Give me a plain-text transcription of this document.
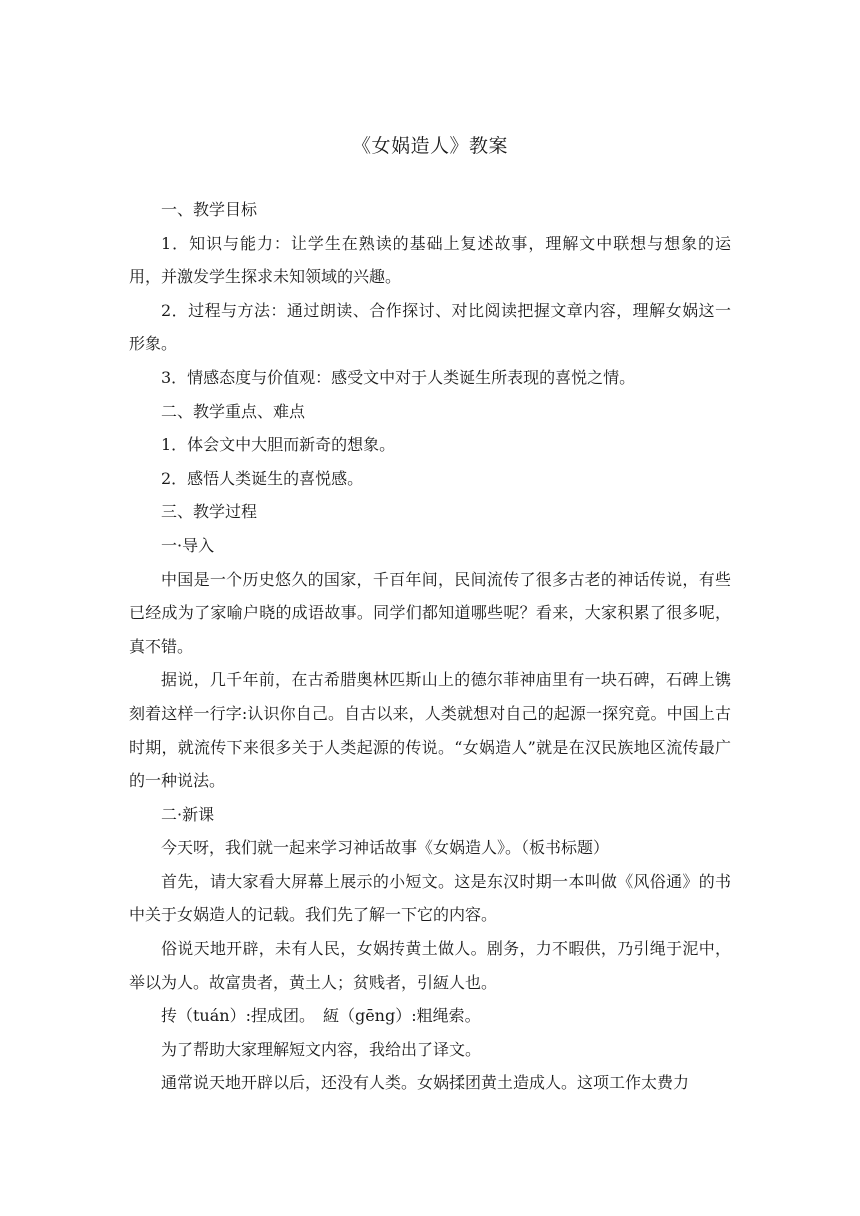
《女娲造人》教案

一、教学目标

1．知识与能力：让学生在熟读的基础上复述故事，理解文中联想与想象的运用，并激发学生探求未知领域的兴趣。

2．过程与方法：通过朗读、合作探讨、对比阅读把握文章内容，理解女娲这一形象。

3．情感态度与价值观：感受文中对于人类诞生所表现的喜悦之情。

二、教学重点、难点

1．体会文中大胆而新奇的想象。

2．感悟人类诞生的喜悦感。

三、教学过程

一·导入

中国是一个历史悠久的国家，千百年间，民间流传了很多古老的神话传说，有些已经成为了家喻户晓的成语故事。同学们都知道哪些呢？看来，大家积累了很多呢，真不错。

据说，几千年前，在古希腊奥林匹斯山上的德尔菲神庙里有一块石碑，石碑上镌刻着这样一行字:认识你自己。自古以来，人类就想对自己的起源一探究竟。中国上古时期，就流传下来很多关于人类起源的传说。“女娲造人”就是在汉民族地区流传最广的一种说法。

二·新课

今天呀，我们就一起来学习神话故事《女娲造人》。（板书标题）

首先，请大家看大屏幕上展示的小短文。这是东汉时期一本叫做《风俗通》的书中关于女娲造人的记载。我们先了解一下它的内容。

俗说天地开辟，未有人民，女娲抟黄土做人。剧务，力不暇供，乃引绳于泥中，举以为人。故富贵者，黄土人；贫贱者，引絚人也。

抟（tuán）:捏成团。　絚（gēng）:粗绳索。

为了帮助大家理解短文内容，我给出了译文。

通常说天地开辟以后，还没有人类。女娲揉团黄土造成人。这项工作太费力
